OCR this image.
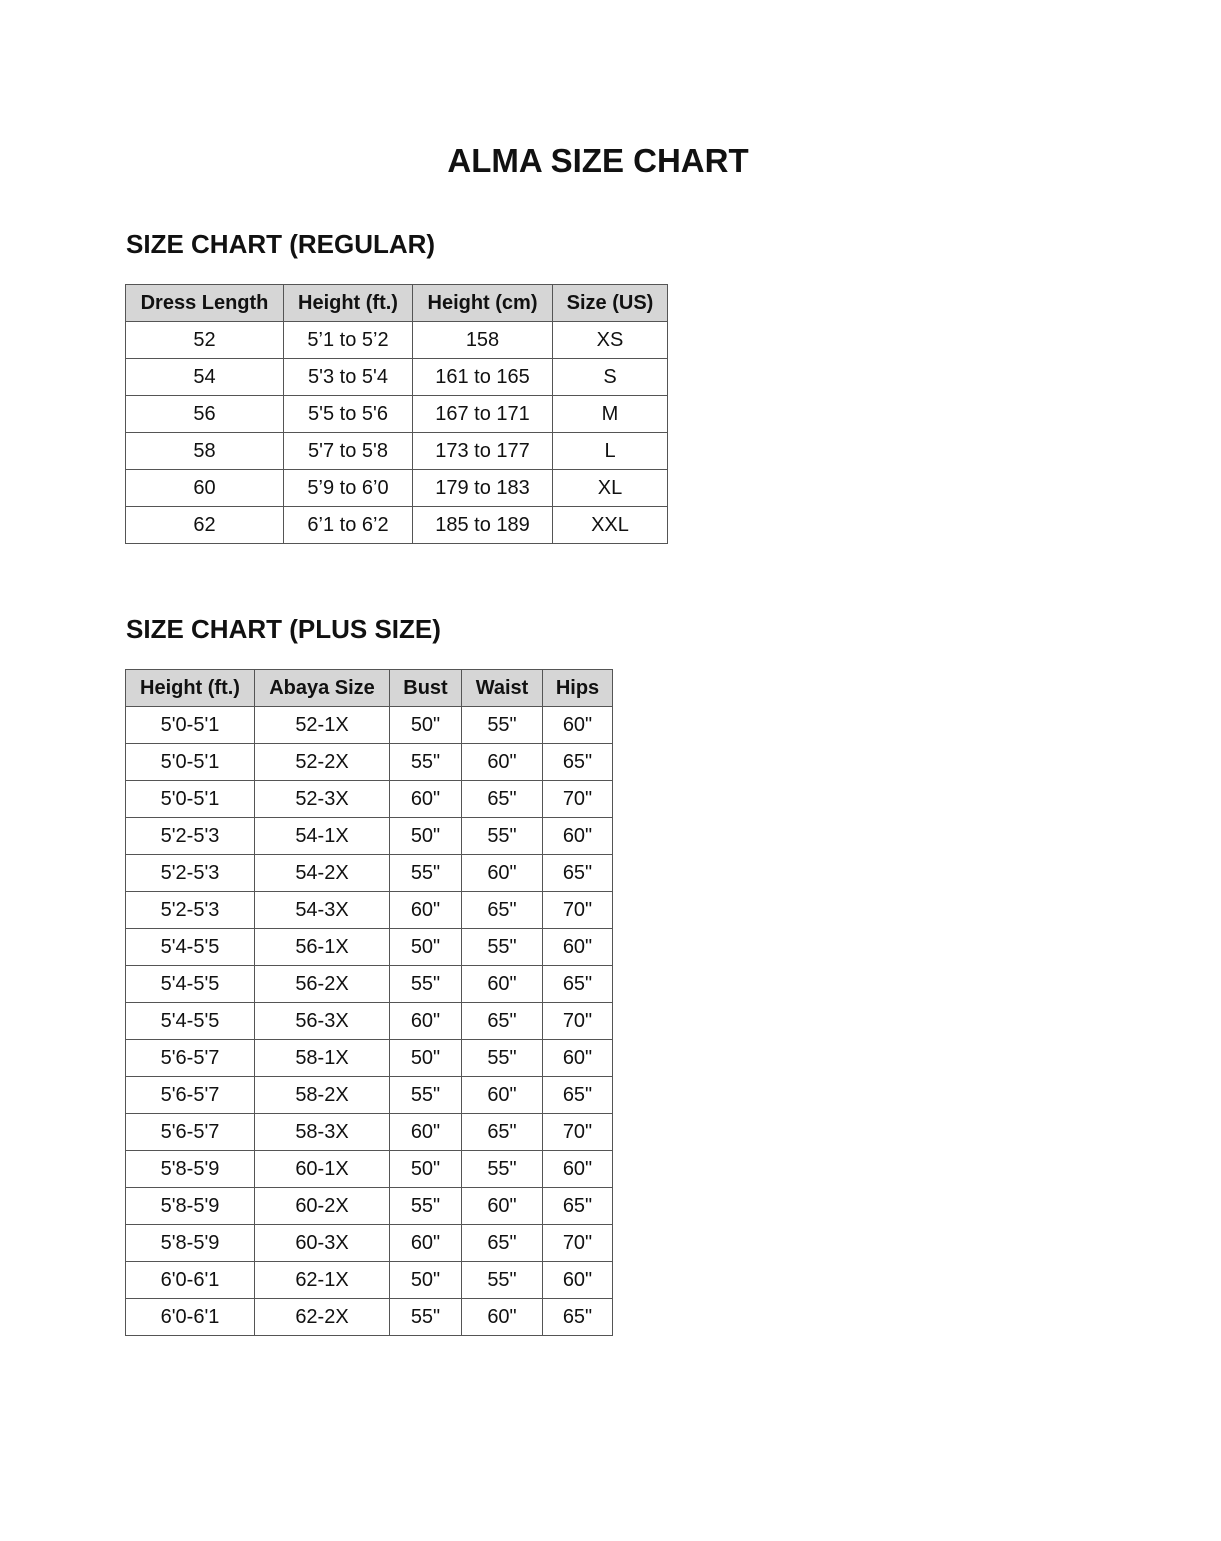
ALMA SIZE CHART
SIZE CHART (REGULAR)
Dress Length	Height (ft.)	Height (cm)	Size (US)
52	5’1 to 5’2	158	XS
54	5'3 to 5'4	161 to 165	S
56	5'5 to 5'6	167 to 171	M
58	5'7 to 5'8	173 to 177	L
60	5’9 to 6’0	179 to 183	XL
62	6’1 to 6’2	185 to 189	XXL
SIZE CHART (PLUS SIZE)
Height (ft.)	Abaya Size	Bust	Waist	Hips
5'0-5'1	52-1X	50"	55"	60"
5'0-5'1	52-2X	55"	60"	65"
5'0-5'1	52-3X	60"	65"	70"
5'2-5'3	54-1X	50"	55"	60"
5'2-5'3	54-2X	55"	60"	65"
5'2-5'3	54-3X	60"	65"	70"
5'4-5'5	56-1X	50"	55"	60"
5'4-5'5	56-2X	55"	60"	65"
5'4-5'5	56-3X	60"	65"	70"
5'6-5'7	58-1X	50"	55"	60"
5'6-5'7	58-2X	55"	60"	65"
5'6-5'7	58-3X	60"	65"	70"
5'8-5'9	60-1X	50"	55"	60"
5'8-5'9	60-2X	55"	60"	65"
5'8-5'9	60-3X	60"	65"	70"
6'0-6'1	62-1X	50"	55"	60"
6'0-6'1	62-2X	55"	60"	65"
